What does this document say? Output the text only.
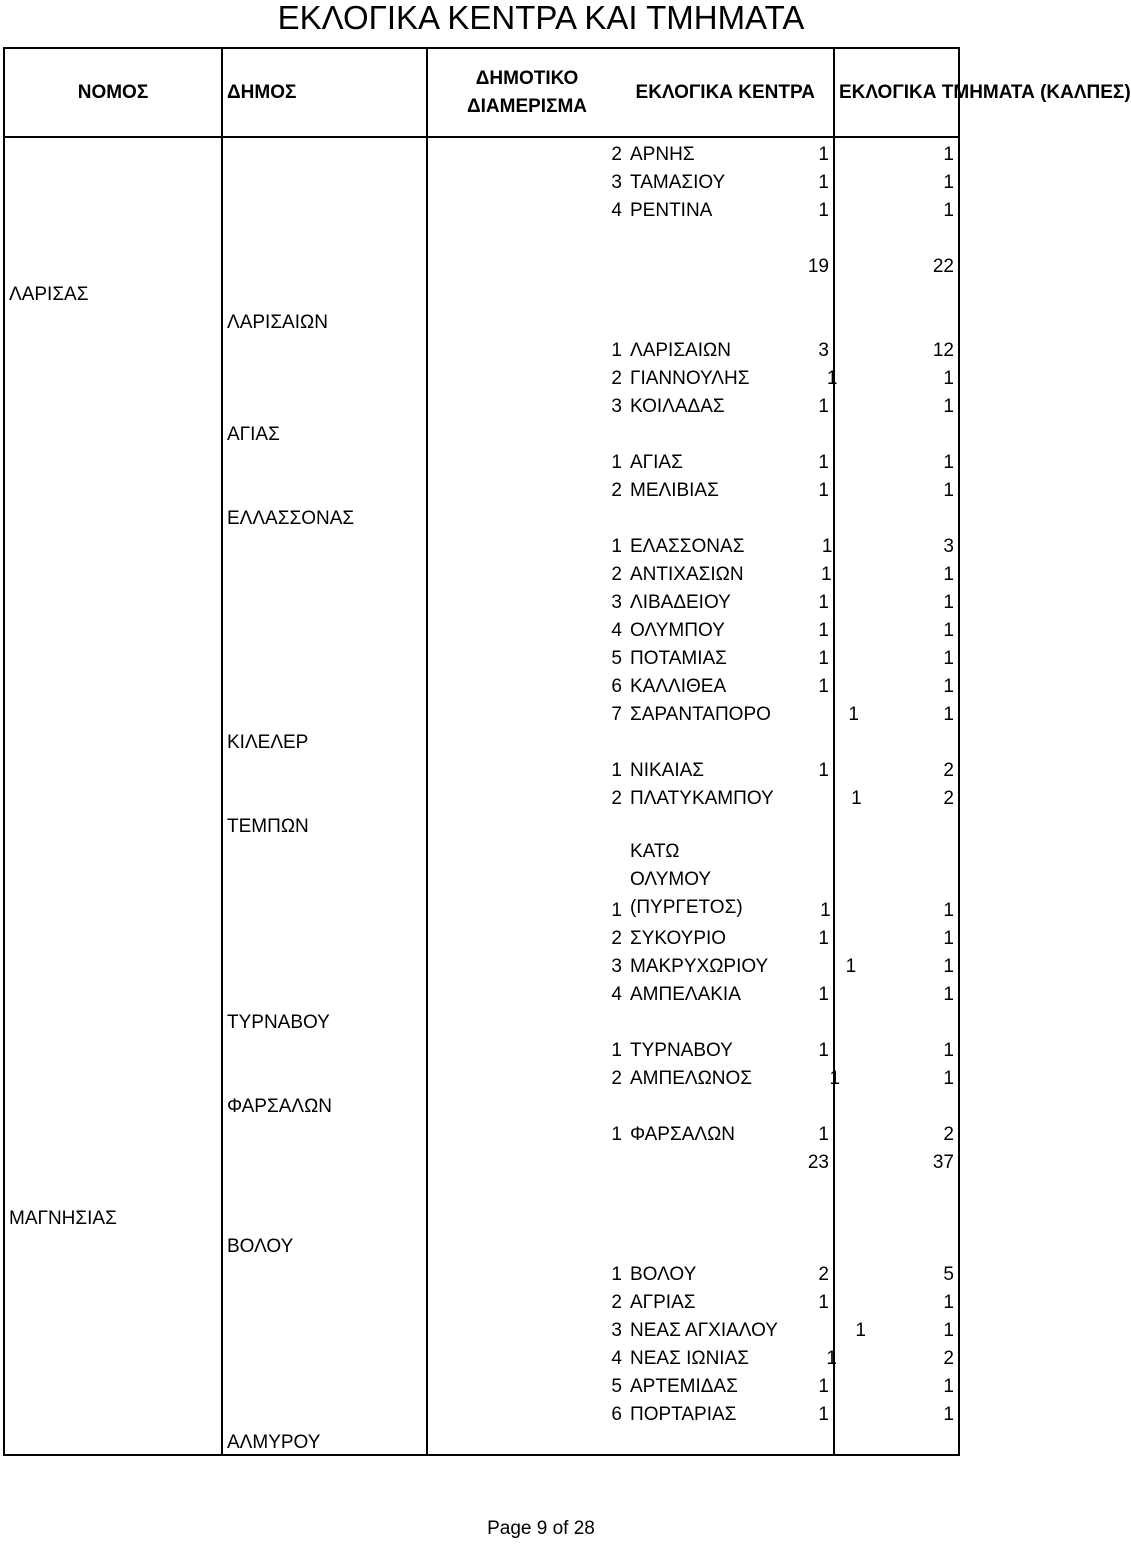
ΕΚΛΟΓΙΚΑ ΚΕΝΤΡΑ ΚΑΙ ΤΜΗΜΑΤΑ
ΝΟΜΟΣ	ΔΗΜΟΣ	ΔΗΜΟΤΙΚΟ ΔΙΑΜΕΡΙΣΜΑ
ΕΚΛΟΓΙΚΑ ΚΕΝΤΡΑ	ΕΚΛΟΓΙΚΑ ΤΜΗΜΑΤΑ (ΚΑΛΠΕΣ)

		2 ΑΡΝΗΣ 1	1

		3 ΤΑΜΑΣΙΟΥ 1	1

		4 ΡΕΝΤΙΝΑ 1	1

		19	22
ΛΑΡΙΣΑΣ		

	ΛΑΡΙΣΑΙΩΝ	

		1 ΛΑΡΙΣΑΙΩΝ 3	12

		2 ΓΙΑΝΝΟΥΛΗΣ 1	1

		3 ΚΟΙΛΑΔΑΣ 1	1
	ΑΓΙΑΣ	

		1 ΑΓΙΑΣ 1	1

		2 ΜΕΛΙΒΙΑΣ 1	1
	ΕΛΛΑΣΣΟΝΑΣ	

		1 ΕΛΑΣΣΟΝΑΣ 1	3

		2 ΑΝΤΙΧΑΣΙΩΝ 1	1

		3 ΛΙΒΑΔΕΙΟΥ 1	1

		4 ΟΛΥΜΠΟΥ 1	1

		5 ΠΟΤΑΜΙΑΣ 1	1

		6 ΚΑΛΛΙΘΕΑ 1	1

		7 ΣΑΡΑΝΤΑΠΟΡΟ 1	1
	ΚΙΛΕΛΕΡ	

		1 ΝΙΚΑΙΑΣ 1	2

		2 ΠΛΑΤΥΚΑΜΠΟΥ 1	2
	ΤΕΜΠΩΝ	

		1
ΚΑΤΩ ΟΛΥΜΟΥ (ΠΥΡΓΕΤΟΣ) 1	1

		2 ΣΥΚΟΥΡΙΟ 1	1

		3 ΜΑΚΡΥΧΩΡΙΟΥ 1	1

		4 ΑΜΠΕΛΑΚΙΑ 1	1
	ΤΥΡΝΑΒΟΥ	

		1 ΤΥΡΝΑΒΟΥ 1	1

		2 ΑΜΠΕΛΩΝΟΣ 1	1
	ΦΑΡΣΑΛΩΝ	

		1 ΦΑΡΣΑΛΩΝ 1	2

		23	37

ΜΑΓΝΗΣΙΑΣ		

	ΒΟΛΟΥ	

		1 ΒΟΛΟΥ 2	5

		2 ΑΓΡΙΑΣ 1	1

		3 ΝΕΑΣ ΑΓΧΙΑΛΟΥ 1	1

		4 ΝΕΑΣ ΙΩΝΙΑΣ 1	2

		5 ΑΡΤΕΜΙΔΑΣ 1	1

		6 ΠΟΡΤΑΡΙΑΣ 1	1
	ΑΛΜΥΡΟΥ	

Page 9 of 28
